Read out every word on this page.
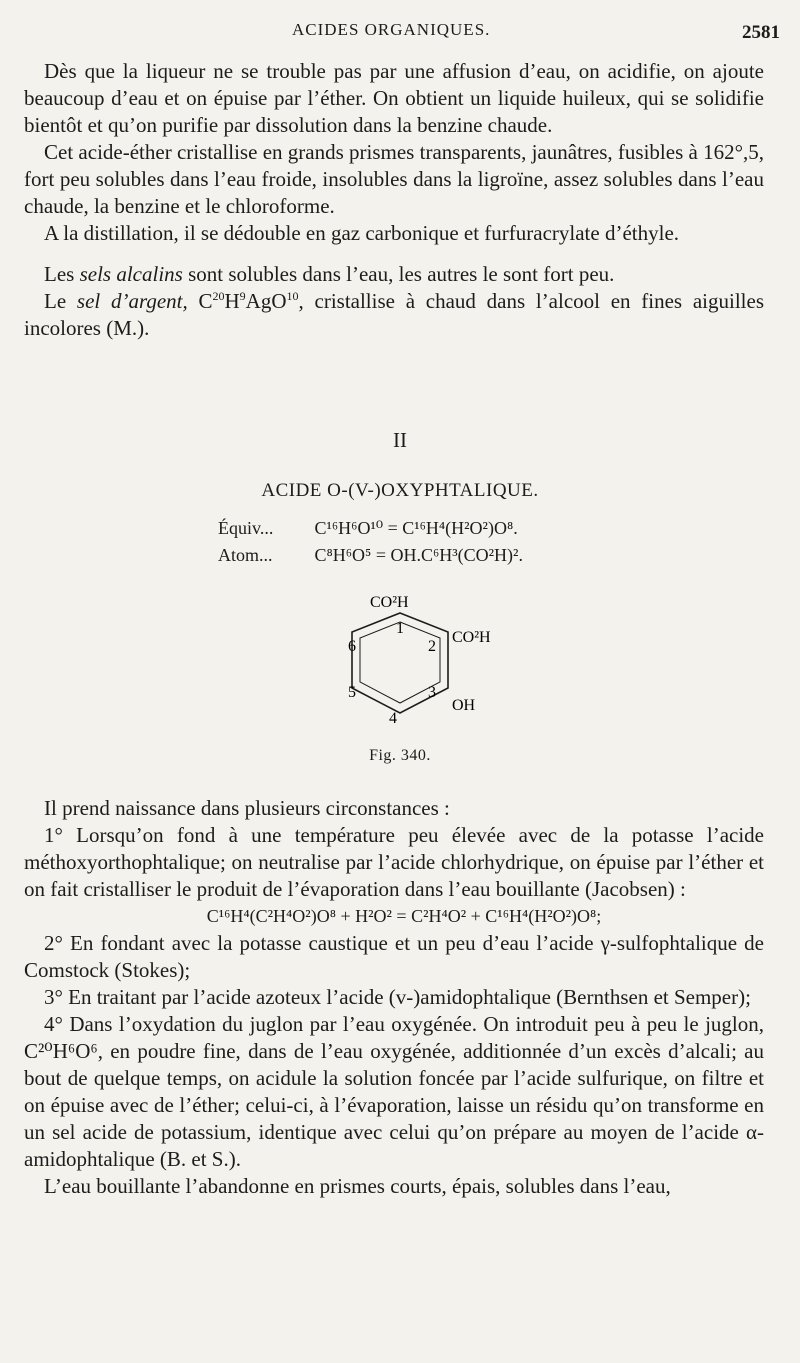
ACIDES ORGANIQUES.	2581

Dès que la liqueur ne se trouble pas par une affusion d’eau, on acidifie, on ajoute beaucoup d’eau et on épuise par l’éther. On obtient un liquide huileux, qui se solidifie bientôt et qu’on purifie par dissolution dans la benzine chaude.

Cet acide-éther cristallise en grands prismes transparents, jaunâtres, fusibles à 162°,5, fort peu solubles dans l’eau froide, insolubles dans la ligroïne, assez solubles dans l’eau chaude, la benzine et le chloroforme.

A la distillation, il se dédouble en gaz carbonique et furfuracrylate d’éthyle.

Les sels alcalins sont solubles dans l’eau, les autres le sont fort peu.

Le sel d’argent, $C^{20}H^9AgO^{10}$, cristallise à chaud dans l’alcool en fines aiguilles incolores (M.).

II
ACIDE O-(V-)OXYPHTALIQUE.
Équiv... C¹⁶H⁶O¹⁰ = C¹⁶H⁴(H²O²)O⁸.
Atom... C⁸H⁶O⁵ = OH.C⁶H³(CO²H)².
CO²H
CO²H
OH
1
2
3
4
5
6
Fig. 340.

Il prend naissance dans plusieurs circonstances :

1° Lorsqu’on fond à une température peu élevée avec de la potasse l’acide méthoxyorthophtalique; on neutralise par l’acide chlorhydrique, on épuise par l’éther et on fait cristalliser le produit de l’évaporation dans l’eau bouillante (Jacobsen) :

C¹⁶H⁴(C²H⁴O²)O⁸ + H²O² = C²H⁴O² + C¹⁶H⁴(H²O²)O⁸;

2° En fondant avec la potasse caustique et un peu d’eau l’acide γ-sulfophtalique de Comstock (Stokes);

3° En traitant par l’acide azoteux l’acide (v-)amidophtalique (Bernthsen et Semper);

4° Dans l’oxydation du juglon par l’eau oxygénée. On introduit peu à peu le juglon, C²⁰H⁶O⁶, en poudre fine, dans de l’eau oxygénée, additionnée d’un excès d’alcali; au bout de quelque temps, on acidule la solution foncée par l’acide sulfurique, on filtre et on épuise avec de l’éther; celui-ci, à l’évaporation, laisse un résidu qu’on transforme en un sel acide de potassium, identique avec celui qu’on prépare au moyen de l’acide α-amidophtalique (B. et S.).

L’eau bouillante l’abandonne en prismes courts, épais, solubles dans l’eau,
